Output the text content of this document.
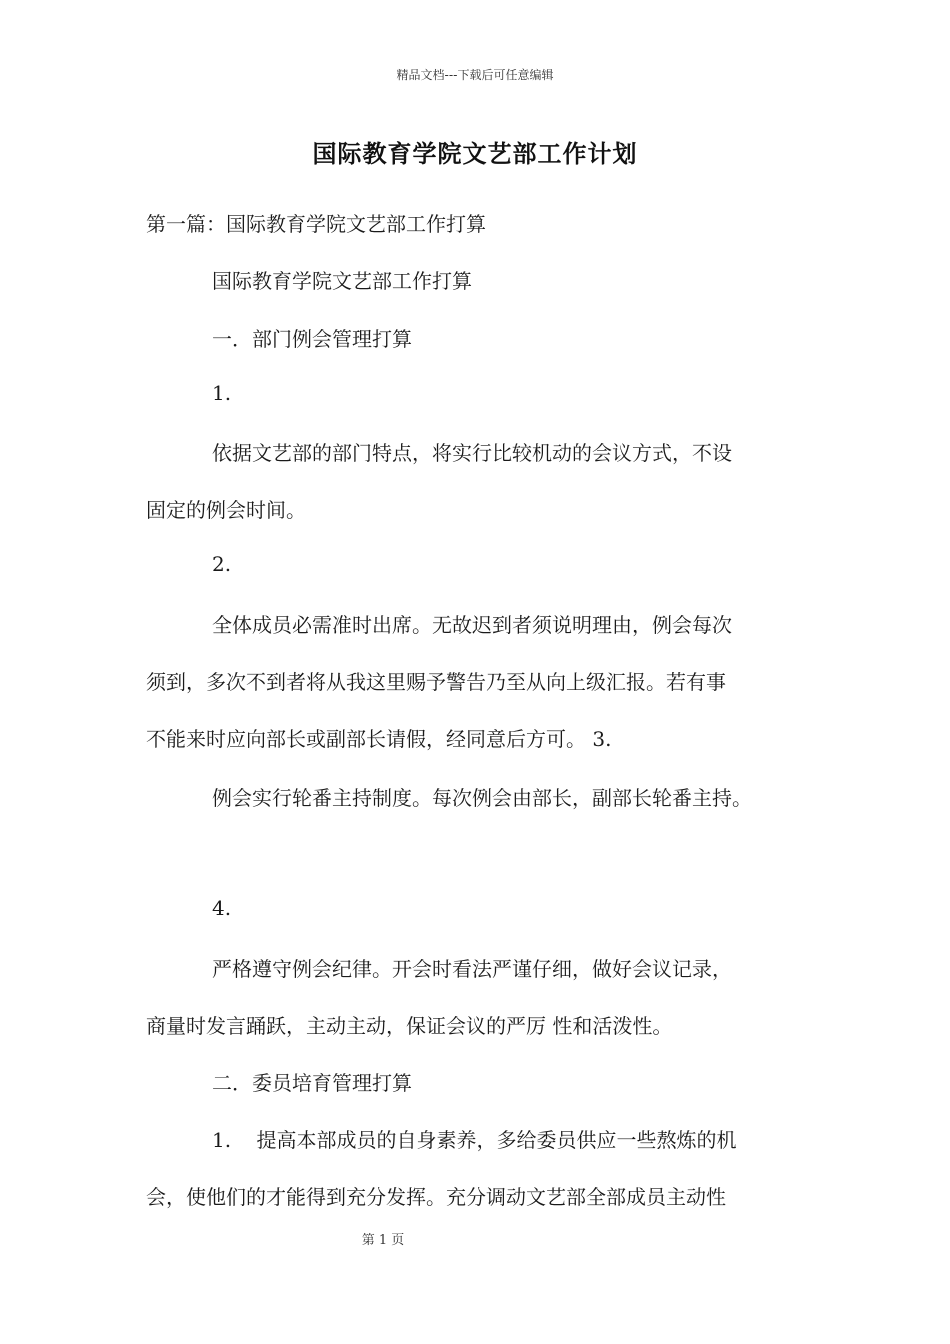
精品文档---下载后可任意编辑
国际教育学院文艺部工作计划
第一篇：国际教育学院文艺部工作打算
国际教育学院文艺部工作打算
一．部门例会管理打算
1.
依据文艺部的部门特点，将实行比较机动的会议方式，不设
固定的例会时间。
2.
全体成员必需准时出席。无故迟到者须说明理由，例会每次
须到，多次不到者将从我这里赐予警告乃至从向上级汇报。若有事
不能来时应向部长或副部长请假，经同意后方可。 3.
例会实行轮番主持制度。每次例会由部长，副部长轮番主持。
4.
严格遵守例会纪律。开会时看法严谨仔细，做好会议记录，
商量时发言踊跃，主动主动，保证会议的严厉 性和活泼性。
二．委员培育管理打算
1.    提高本部成员的自身素养，多给委员供应一些熬炼的机
会，使他们的才能得到充分发挥。充分调动文艺部全部成员主动性
第 1 页
